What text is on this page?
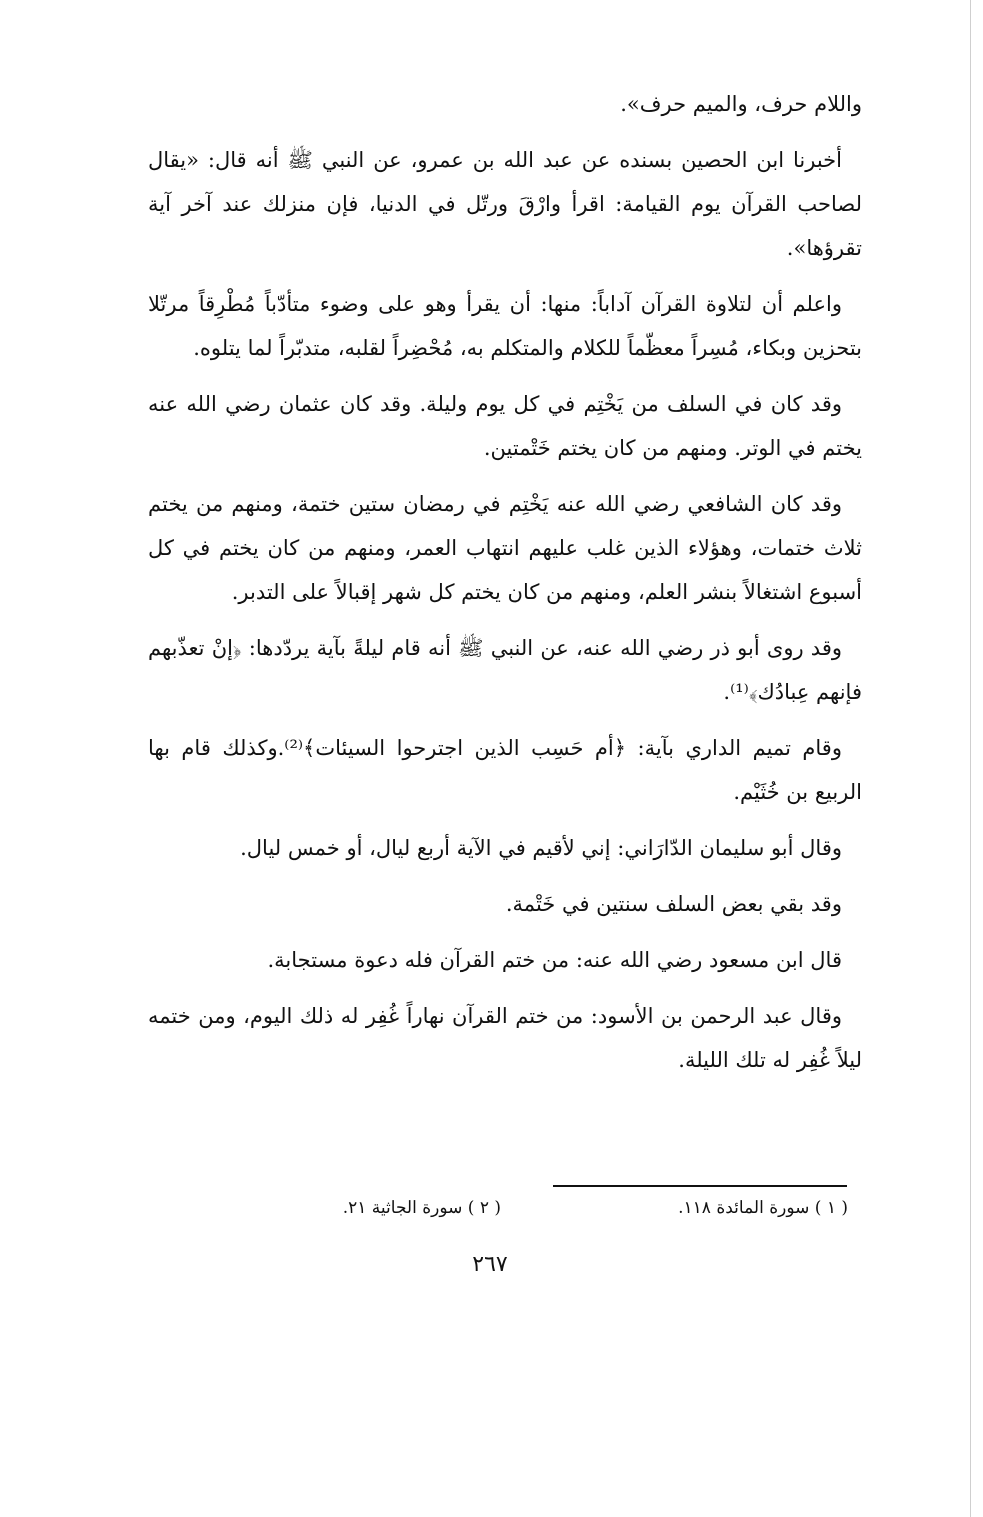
واللام حرف، والميم حرف».

أخبرنا ابن الحصين بسنده عن عبد الله بن عمرو، عن النبي ﷺ أنه قال: «يقال لصاحب القرآن يوم القيامة: اقرأ وارْقَ ورتّل في الدنيا، فإن منزلك عند آخر آية تقرؤها».

واعلم أن لتلاوة القرآن آداباً: منها: أن يقرأ وهو على وضوء متأدّباً مُطْرِقاً مرتّلا بتحزين وبكاء، مُسِراً معظّماً للكلام والمتكلم به، مُحْضِراً لقلبه، متدبّراً لما يتلوه.

وقد كان في السلف من يَخْتِم في كل يوم وليلة. وقد كان عثمان رضي الله عنه يختم في الوتر. ومنهم من كان يختم خَتْمتين.

وقد كان الشافعي رضي الله عنه يَخْتِم في رمضان ستين ختمة، ومنهم من يختم ثلاث ختمات، وهؤلاء الذين غلب عليهم انتهاب العمر، ومنهم من كان يختم في كل أسبوع اشتغالاً بنشر العلم، ومنهم من كان يختم كل شهر إقبالاً على التدبر.

وقد روى أبو ذر رضي الله عنه، عن النبي ﷺ أنه قام ليلةً بآية يردّدها: ﴿إنْ تعذّبهم فإنهم عِبادُك﴾⁽¹⁾.

وقام تميم الداري بآية: ﴿أم حَسِب الذين اجترحوا السيئات﴾⁽²⁾.وكذلك قام بها الربيع بن خُثَيْم.

وقال أبو سليمان الدّارَاني: إني لأقيم في الآية أربع ليال، أو خمس ليال.

وقد بقي بعض السلف سنتين في خَتْمة.

قال ابن مسعود رضي الله عنه: من ختم القرآن فله دعوة مستجابة.

وقال عبد الرحمن بن الأسود: من ختم القرآن نهاراً غُفِر له ذلك اليوم، ومن ختمه ليلاً غُفِر له تلك الليلة.

( ١ ) سورة المائدة ١١٨.
( ٢ ) سورة الجاثية ٢١.
٢٦٧
